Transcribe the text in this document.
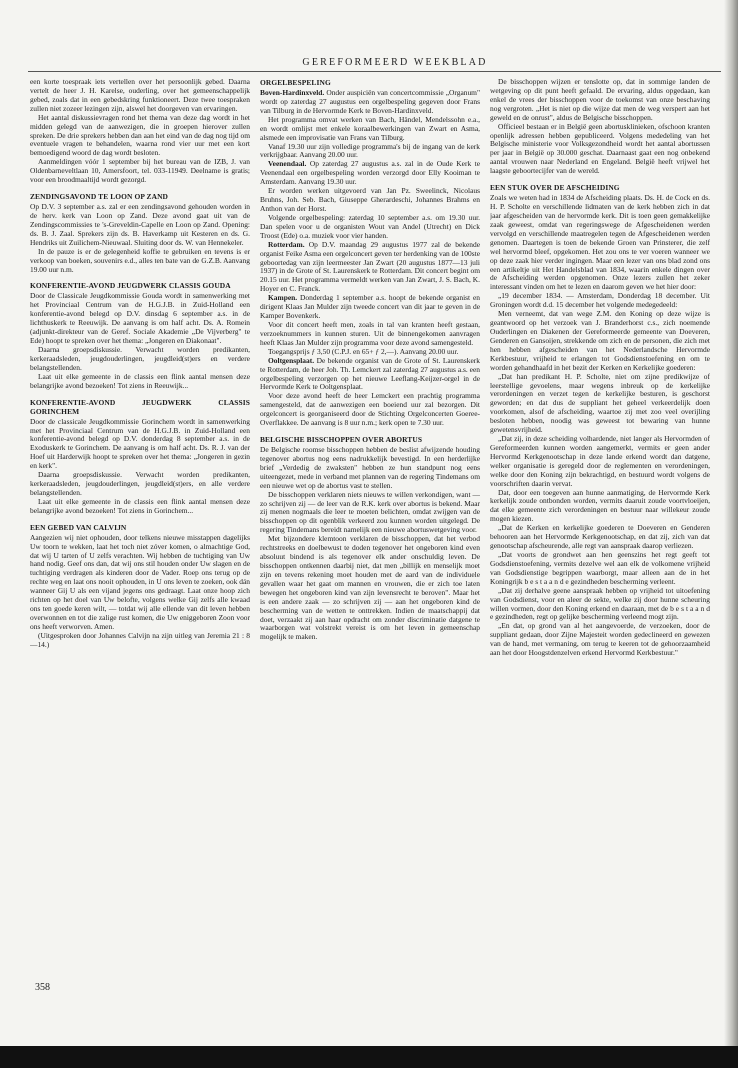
GEREFORMEERD WEEKBLAD

een korte toespraak iets vertellen over het persoonlijk gebed. Daarna vertelt de heer J. H. Karelse, ouderling, over het gemeenschappelijk gebed, zoals dat in een gebedskring funktioneert. Deze twee toespraken zullen niet zozeer lezingen zijn, alswel het doorgeven van ervaringen.

Het aantal diskussievragen rond het thema van deze dag wordt in het midden gelegd van de aanwezigen, die in groepen hierover zullen spreken. De drie sprekers hebben dan aan het eind van de dag nog tijd om eventuele vragen te behandelen, waarna rond vier uur met een kort bemoedigend woord de dag wordt besloten.

Aanmeldingen vóór 1 september bij het bureau van de IZB, J. van Oldenbarneveltlaan 10, Amersfoort, tel. 033-11949. Deelname is gratis; voor een broodmaaltijd wordt gezorgd.

ZENDINGSAVOND TE LOON OP ZAND

Op D.V. 3 september a.s. zal er een zendingsavond gehouden worden in de herv. kerk van Loon op Zand. Deze avond gaat uit van de Zendingscommissies te 's-Greveldin-Capelle en Loon op Zand. Opening: ds. B. J. Zaal. Sprekers zijn ds. B. Haverkamp uit Kesteren en ds. G. Hendriks uit Zuilichem-Nieuwaal. Sluiting door ds. W. van Hennekeler.

In de pauze is er de gelegenheid koffie te gebruiken en tevens is er verkoop van boeken, souvenirs e.d., alles ten bate van de G.Z.B. Aanvang 19.00 uur n.m.

KONFERENTIE-AVOND JEUGDWERK CLASSIS GOUDA

Door de Classicale Jeugdkommissie Gouda wordt in samenwerking met het Provinciaal Centrum van de H.G.J.B. in Zuid-Holland een konferentie-avond belegd op D.V. dinsdag 6 september a.s. in de lichthuskerk te Reeuwijk. De aanvang is om half acht. Ds. A. Romein (adjunkt-direkteur van de Geref. Sociale Akademie „De Vijverberg" te Ede) hoopt te spreken over het thema: „Jongeren en Diakonaat".

Daarna groepsdiskussie. Verwacht worden predikanten, kerkeraadsleden, jeugdouderlingen, jeugdleid(st)ers en verdere belangstellenden.

Laat uit elke gemeente in de classis een flink aantal mensen deze belangrijke avond bezoeken! Tot ziens in Reeuwijk...

KONFERENTIE-AVOND JEUGDWERK CLASSIS GORINCHEM

Door de classicale Jeugdkommissie Gorinchem wordt in samenwerking met het Provinciaal Centrum van de H.G.J.B. in Zuid-Holland een konferentie-avond belegd op D.V. donderdag 8 september a.s. in de Exoduskerk te Gorinchem. De aanvang is om half acht. Ds. R. J. van der Hoef uit Harderwijk hoopt te spreken over het thema: „Jongeren in gezin en kerk".

Daarna groepsdiskussie. Verwacht worden predikanten, kerkeraadsleden, jeugdouderlingen, jeugdleid(st)ers, en alle verdere belangstellenden.

Laat uit elke gemeente in de classis een flink aantal mensen deze belangrijke avond bezoeken! Tot ziens in Gorinchem...

EEN GEBED VAN CALVIJN

Aangezien wij niet ophouden, door telkens nieuwe misstappen dagelijks Uw toorn te wekken, laat het toch niet zóver komen, o almachtige God, dat wij U tarten of U zelfs verachten. Wij hebben de tuchtiging van Uw hand nodig. Geef ons dan, dat wij ons stil houden onder Uw slagen en de tuchtiging verdragen als kinderen door de Vader. Roep ons terug op de rechte weg en laat ons nooit ophouden, in U ons leven te zoeken, ook dán wanneer Gij U als een vijand jegens ons gedraagt. Laat onze hoop zich richten op het doel van Uw belofte, volgens welke Gij zelfs alle kwaad ons ten goede keren wilt, — totdat wij alle ellende van dit leven hebben overwonnen en tot die zalige rust komen, die Uw eniggeboren Zoon voor ons heeft verworven. Amen.

(Uitgesproken door Johannes Calvijn na zijn uitleg van Jeremia 21 : 8—14.)

ORGELBESPELING

Boven-Hardinxveld. Onder auspiciën van concertcommissie „Organum" wordt op zaterdag 27 augustus een orgelbespeling gegeven door Frans van Tilburg in de Hervormde Kerk te Boven-Hardinxveld.

Het programma omvat werken van Bach, Händel, Mendelssohn e.a., en wordt omlijst met enkele koraalbewerkingen van Zwart en Asma, alsmede een improvisatie van Frans van Tilburg.

Vanaf 19.30 uur zijn volledige programma's bij de ingang van de kerk verkrijgbaar. Aanvang 20.00 uur.

Veenendaal. Op zaterdag 27 augustus a.s. zal in de Oude Kerk te Veenendaal een orgelbespeling worden verzorgd door Elly Kooiman te Amsterdam. Aanvang 19.30 uur.

Er worden werken uitgevoerd van Jan Pz. Sweelinck, Nicolaus Bruhns, Joh. Seb. Bach, Giuseppe Gherardeschi, Johannes Brahms en Anthon van der Horst.

Volgende orgelbespeling: zaterdag 10 september a.s. om 19.30 uur. Dan spelen voor u de organisten Wout van Andel (Utrecht) en Dick Troost (Ede) o.a. muziek voor vier handen.

Rotterdam. Op D.V. maandag 29 augustus 1977 zal de bekende organist Feike Asma een orgelconcert geven ter herdenking van de 100ste geboortedag van zijn leermeester Jan Zwart (20 augustus 1877—13 juli 1937) in de Grote of St. Laurenskerk te Rotterdam. Dit concert begint om 20.15 uur. Het programma vermeldt werken van Jan Zwart, J. S. Bach, K. Hoyer en C. Franck.

Kampen. Donderdag 1 september a.s. hoopt de bekende organist en dirigent Klaas Jan Mulder zijn tweede concert van dit jaar te geven in de Kamper Bovenkerk.

Voor dit concert heeft men, zoals in tal van kranten heeft gestaan, verzoeknummers in kunnen sturen. Uit de binnengekomen aanvragen heeft Klaas Jan Mulder zijn programma voor deze avond samengesteld.

Toegangsprijs ƒ 3,50 (C.P.J. en 65+ ƒ 2,—). Aanvang 20.00 uur.

Ooltgensplaat. De bekende organist van de Grote of St. Laurenskerk te Rotterdam, de heer Joh. Th. Lemckert zal zaterdag 27 augustus a.s. een orgelbespeling verzorgen op het nieuwe Leeflang-Keijzer-orgel in de Hervormde Kerk te Ooltgensplaat.

Voor deze avond heeft de heer Lemckert een prachtig programma samengesteld, dat de aanwezigen een boeiend uur zal bezorgen. Dit orgelconcert is georganiseerd door de Stichting Orgelconcerten Goeree-Overflakkee. De aanvang is 8 uur n.m.; kerk open te 7.30 uur.

BELGISCHE BISSCHOPPEN OVER ABORTUS

De Belgische roomse bisschoppen hebben de beslist afwijzende houding tegenover abortus nog eens nadrukkelijk bevestigd. In een herderlijke brief „Verdedig de zwaksten" hebben ze hun standpunt nog eens uiteengezet, mede in verband met plannen van de regering Tindemans om een nieuwe wet op de abortus vast te stellen.

De bisschoppen verklaren niets nieuws te willen verkondigen, want — zo schrijven zij — de leer van de R.K. kerk over abortus is bekend. Maar zij menen nogmaals die leer te moeten belichten, omdat zwijgen van de bisschoppen op dit ogenblik verkeerd zou kunnen worden uitgelegd. De regering Tindemans bereidt namelijk een nieuwe abortuswetgeving voor.

Met bijzondere klemtoon verklaren de bisschoppen, dat het verbod rechtstreeks en doelbewust te doden tegenover het ongeboren kind even absoluut bindend is als tegenover elk ander onschuldig leven. De bisschoppen ontkennen daarbij niet, dat men „billijk en menselijk moet zijn en tevens rekening moet houden met de aard van de individuele gevallen waar het gaat om mannen en vrouwen, die er zich toe laten bewegen het ongeboren kind van zijn levensrecht te beroven". Maar het is een andere zaak — zo schrijven zij — aan het ongeboren kind de bescherming van de wetten te onttrekken. Indien de maatschappij dat doet, verzaakt zij aan haar opdracht om zonder discriminatie datgene te waarborgen wat volstrekt vereist is om het leven in gemeenschap mogelijk te maken.

De bisschoppen wijzen er tenslotte op, dat in sommige landen de wetgeving op dit punt heeft gefaald. De ervaring, aldus opgedaan, kan enkel de vrees der bisschoppen voor de toekomst van onze beschaving nog vergroten. „Het is niet op die wijze dat men de weg verspert aan het geweld en de onrust", aldus de Belgische bisschoppen.

Officieel bestaan er in België geen abortusklinieken, ofschoon kranten openlijk adressen hebben gepubliceerd. Volgens mededeling van het Belgische ministerie voor Volksgezondheid wordt het aantal abortussen per jaar in België op 30.000 geschat. Daarnaast gaat een nog onbekend aantal vrouwen naar Nederland en Engeland. België heeft vrijwel het laagste geboortecijfer van de wereld.

EEN STUK OVER DE AFSCHEIDING

Zoals we weten had in 1834 de Afscheiding plaats. Ds. H. de Cock en ds. H. P. Scholte en verschillende lidmaten van de kerk hebben zich in dat jaar afgescheiden van de hervormde kerk. Dit is toen geen gemakkelijke zaak geweest, omdat van regeringswege de Afgescheidenen werden vervolgd en verschillende maatregelen tegen de Afgescheidenen werden genomen. Daartegen is toen de bekende Groen van Prinsterer, die zelf wel hervormd bleef, opgekomen. Het zou ons te ver voeren wanneer we op deze zaak hier verder ingingen. Maar een lezer van ons blad zond ons een artikeltje uit Het Handelsblad van 1834, waarin enkele dingen over de Afscheiding werden opgenomen. Onze lezers zullen het zeker interessant vinden om het te lezen en daarom geven we het hier door:

„19 december 1834. — Amsterdam, Donderdag 18 december. Uit Groningen wordt d.d. 15 december het volgende medegedeeld:

Men verneemt, dat van wege Z.M. den Koning op deze wijze is geantwoord op het verzoek van J. Branderhorst c.s., zich noemende Ouderlingen en Diakenen der Gereformeerde gemeente van Doeveren, Genderen en Gansoijen, strekkende om zich en de personen, die zich met hen hebben afgescheiden van het Nederlandsche Hervormde Kerkbestuur, vrijheid te erlangen tot Godsdienstoefening en om te worden gehandhaafd in het bezit der Kerken en Kerkelijke goederen:

„Dat han predikant H. P. Scholte, niet om zijne predikwijze of leerstellige gevoelens, maar wegens inbreuk op de kerkelijke verordeningen en verzet tegen de kerkelijke besturen, is geschorst geworden; en dat dus de suppliant het geheel verkeerdelijk doen voorkomen, alsof de afscheiding, waartoe zij met zoo veel overijling besloten hebben, noodig was geweest tot bewaring van hunne gewetensvrijheid.

„Dat zij, in deze scheiding volhardende, niet langer als Hervormden of Gereformeerden kunnen worden aangemerkt, vermits er geen ander Hervormd Kerkgenootschap in deze lande erkend wordt dan datgene, welker organisatie is geregeld door de reglementen en verordeningen, welke door den Koning zijn bekrachtigd, en bestuurd wordt volgens de voorschriften daarin vervat.

Dat, door een toegeven aan hunne aanmatiging, de Hervormde Kerk kerkelijk zoude ontbonden worden, vermits daaruit zoude voortvloeijen, dat elke gemeente zich verordeningen en bestuur naar willekeur zoude mogen kiezen.

„Dat de Kerken en kerkelijke goederen te Doeveren en Genderen behooren aan het Hervormde Kerkgenootschap, en dat zij, zich van dat genootschap afscheurende, alle regt van aanspraak daarop verliezen.

„Dat voorts de grondwet aan hen geenszins het regt geeft tot Godsdienstoefening, vermits dezelve wel aan elk de volkomene vrijheid van Godsdienstige begrippen waarborgt, maar alleen aan de in het Koningrijk b e s t a a n d e gezindheden bescherming verleent.

„Dat zij derhalve geene aanspraak hebben op vrijheid tot uitoefening van Godsdienst, voor en aleer de sekte, welke zij door hunne scheuring willen vormen, door den Koning erkend en daaraan, met de b e s t a a n d e gezindheden, regt op gelijke bescherming verleend mogt zijn.

„En dat, op grond van al het aangevoerde, de verzoeken, door de suppliant gedaan, door Zijne Majesteit worden gedeclineerd en gewezen van de hand, met vermaning, om terug te keeren tot de gehoorzaamheid aan het door Hoogstdenzelven erkend Hervormd Kerkbestuur."

358
